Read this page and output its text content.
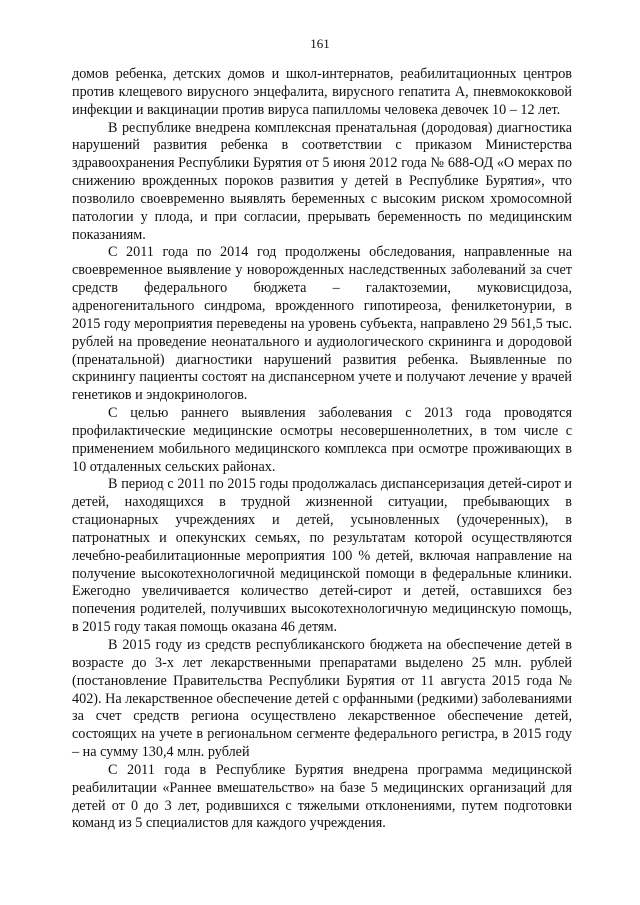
161

домов ребенка, детских домов и школ-интернатов, реабилитационных центров против клещевого вирусного энцефалита, вирусного гепатита А, пневмококковой инфекции и вакцинации против вируса папилломы человека девочек 10 – 12 лет.

В республике внедрена комплексная пренатальная (дородовая) диагностика нарушений развития ребенка в соответствии с приказом Министерства здравоохранения Республики Бурятия от 5 июня 2012 года № 688-ОД «О мерах по снижению врожденных пороков развития у детей в Республике Бурятия», что позволило своевременно выявлять беременных с высоким риском хромосомной патологии у плода, и при согласии, прерывать беременность по медицинским показаниям.

С 2011 года по 2014 год продолжены обследования, направленные на своевременное выявление у новорожденных наследственных заболеваний за счет средств федерального бюджета – галактоземии, муковисцидоза, адреногенитального синдрома, врожденного гипотиреоза, фенилкетонурии, в 2015 году мероприятия переведены на уровень субъекта, направлено 29 561,5 тыс. рублей на проведение неонатального и аудиологического скрининга и дородовой (пренатальной) диагностики нарушений развития ребенка. Выявленные по скринингу пациенты состоят на диспансерном учете и получают лечение у врачей генетиков и эндокринологов.

С целью раннего выявления заболевания с 2013 года проводятся профилактические медицинские осмотры несовершеннолетних, в том числе с применением мобильного медицинского комплекса при осмотре проживающих в 10 отдаленных сельских районах.

В период с 2011 по 2015 годы продолжалась диспансеризация детей-сирот и детей, находящихся в трудной жизненной ситуации, пребывающих в стационарных учреждениях и детей, усыновленных (удочеренных), в патронатных и опекунских семьях, по результатам которой осуществляются лечебно-реабилитационные мероприятия 100 % детей, включая направление на получение высокотехнологичной медицинской помощи в федеральные клиники. Ежегодно увеличивается количество детей-сирот и детей, оставшихся без попечения родителей, получивших высокотехнологичную медицинскую помощь, в 2015 году такая помощь оказана 46 детям.

В 2015 году из средств республиканского бюджета на обеспечение детей в возрасте до 3-х лет лекарственными препаратами выделено 25 млн. рублей (постановление Правительства Республики Бурятия от 11 августа 2015 года № 402). На лекарственное обеспечение детей с орфанными (редкими) заболеваниями за счет средств региона осуществлено лекарственное обеспечение детей, состоящих на учете в региональном сегменте федерального регистра, в 2015 году – на сумму 130,4 млн. рублей

С 2011 года в Республике Бурятия внедрена программа медицинской реабилитации «Раннее вмешательство» на базе 5 медицинских организаций для детей от 0 до 3 лет, родившихся с тяжелыми отклонениями, путем подготовки команд из 5 специалистов для каждого учреждения.
